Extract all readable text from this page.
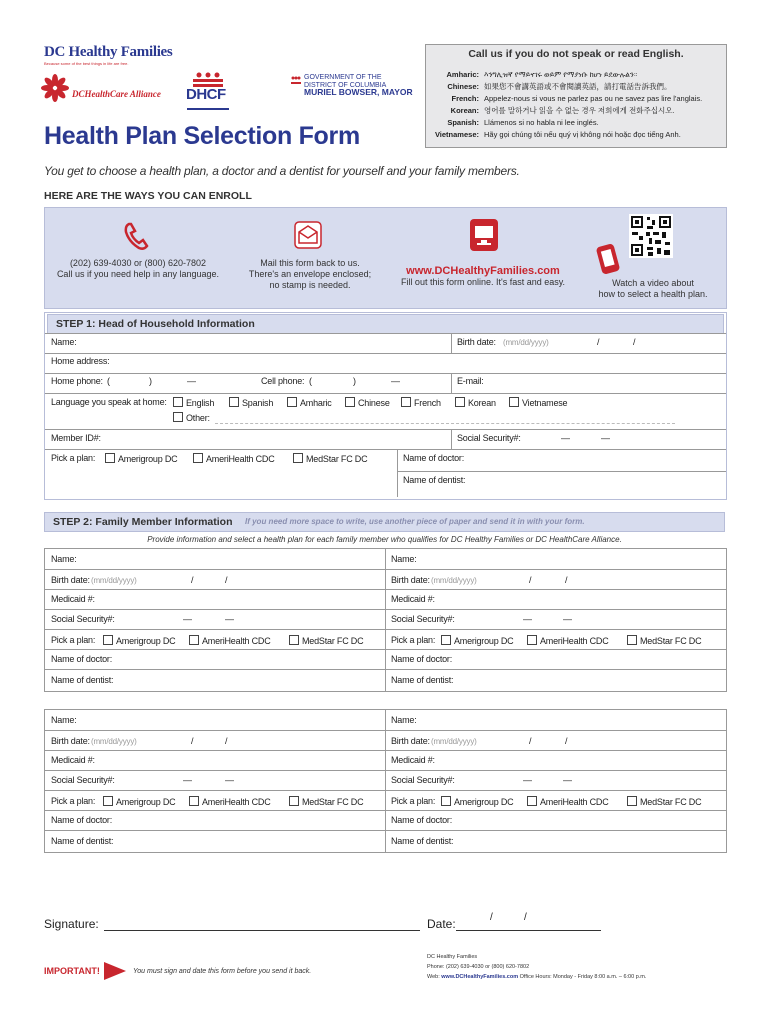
DC Healthy Families
Because some of the best things in life are free.
DCHealthCare Alliance DHCF
GOVERNMENT OF THE
DISTRICT OF COLUMBIA
MURIEL BOWSER, MAYOR
Health Plan Selection Form
Call us if you do not speak or read English.
Amharic: እንግሊዝኛ የማይናገሩ ወይም የማያነቡ ከሆነ ይደውሉልን።
Chinese: 如果您不會講英語或不會閱讀英語，請打電話告訴我們。
French: Appelez-nous si vous ne parlez pas ou ne savez pas lire l'anglais.
Korean: 영어를 말하거나 읽을 수 없는 경우 저희에게 전화주십시오.
Spanish: Llámenos si no habla ni lee inglés.
Vietnamese: Hãy gọi chúng tôi nếu quý vị không nói hoặc đọc tiếng Anh.
You get to choose a health plan, a doctor and a dentist for yourself and your family members.
HERE ARE THE WAYS YOU CAN ENROLL
(202) 639-4030 or (800) 620-7802
Call us if you need help in any language.
Mail this form back to us.
There's an envelope enclosed;
no stamp is needed.
www.DCHealthyFamilies.com
Fill out this form online. It's fast and easy.	Watch a video about
how to select a health plan.
STEP 1: Head of Household Information
Name:	Birth date: (mm/dd/yyyy)	/	/
Home address:
Home phone: (	)	—	Cell phone: (	)	—	E-mail:
Language you speak at home:	English	Spanish	Amharic	Chinese	French	Korean	Vietnamese
Other:
Member ID#:	Social Security#:	—	—
Pick a plan:	Amerigroup DC	AmeriHealth CDC	MedStar FC DC	Name of doctor:
Name of dentist:
STEP 2: Family Member Information If you need more space to write, use another piece of paper and send it in with your form.
Provide information and select a health plan for each family member who qualifies for DC Healthy Families or DC HealthCare Alliance.
Name:
Birth date: (mm/dd/yyyy)	/	/
Medicaid #:
Social Security#:	—	—
Pick a plan:	Amerigroup DC	AmeriHealth CDC	MedStar FC DC
Name of doctor:
Name of dentist:
Name:
Birth date: (mm/dd/yyyy)	/	/
Medicaid #:
Social Security#:	—	—
Pick a plan:	Amerigroup DC	AmeriHealth CDC	MedStar FC DC
Name of doctor:
Name of dentist:
Name:
Birth date: (mm/dd/yyyy)	/	/
Medicaid #:
Social Security#:	—	—
Pick a plan:	Amerigroup DC	AmeriHealth CDC	MedStar FC DC
Name of doctor:
Name of dentist:
Name:
Birth date: (mm/dd/yyyy)	/	/
Medicaid #:
Social Security#:	—	—
Pick a plan:	Amerigroup DC	AmeriHealth CDC	MedStar FC DC
Name of doctor:
Name of dentist:
Signature:	Date:	/	/
IMPORTANT!	You must sign and date this form before you send it back.
DC Healthy Families
Phone: (202) 639-4030 or (800) 620-7802
Web: www.DCHealthyFamilies.com Office Hours: Monday - Friday 8:00 a.m. – 6:00 p.m.
